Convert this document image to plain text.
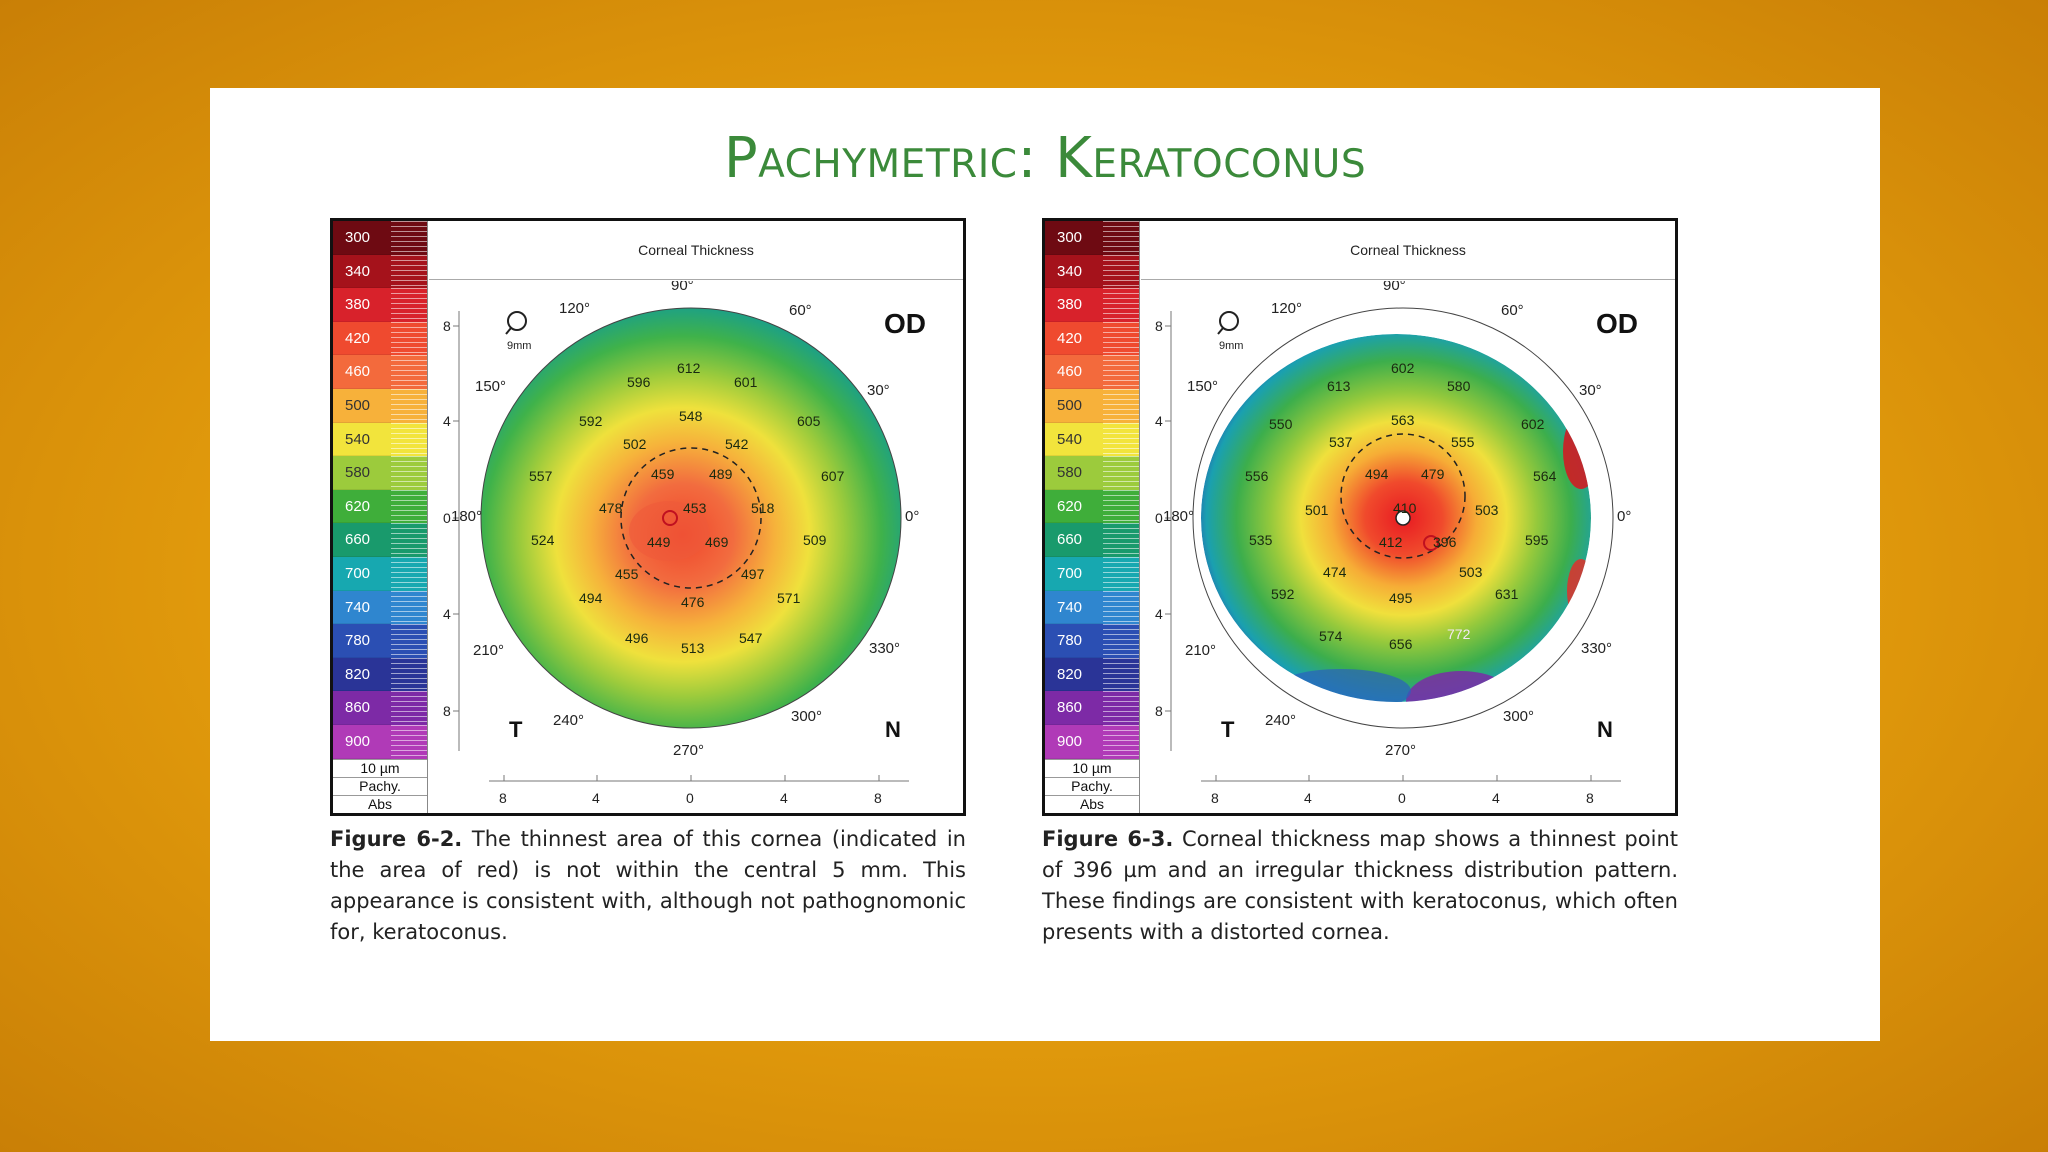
Pachymetric: Keratoconus
300
340
380
420
460
500
540
580
620
660
700
740
780
820
860
900
10 µm
Pachy.
Abs
Corneal Thickness
8
4
0
4
8
8	4	0	4	8
9mm
OD
T	N
90°
60°
30°
0°
330°
300°
270°
240°
210°
180°
150°
120°
612
596	601
548
592	605
502	542
557	459 489	607
478	453	518
524	449 469	509
455	497
494	476	571
496
513
547
Figure 6-2. The thinnest area of this cornea (indicated in the area of red) is not within the central 5 mm. This appearance is consistent with, although not pathognomonic for, keratoconus.
300
340
380
420
460
500
540
580
620
660
700
740
780
820
860
900
10 µm
Pachy.
Abs
Corneal Thickness
8
4
0
4
8
8	4	0	4	8
9mm
OD
T	N
90°
60°
30°
0°
330°
300°
270°
240°
210°
180°
150°
120°
602
613	580
550	563	602
537	555
556	494 479	564
501	410	503
595
535	412 396
474	503
592	495	631
574	656
772
Figure 6-3. Corneal thickness map shows a thinnest point of 396 µm and an irregular thickness distribution pattern. These findings are consistent with keratoconus, which often presents with a distorted cornea.
